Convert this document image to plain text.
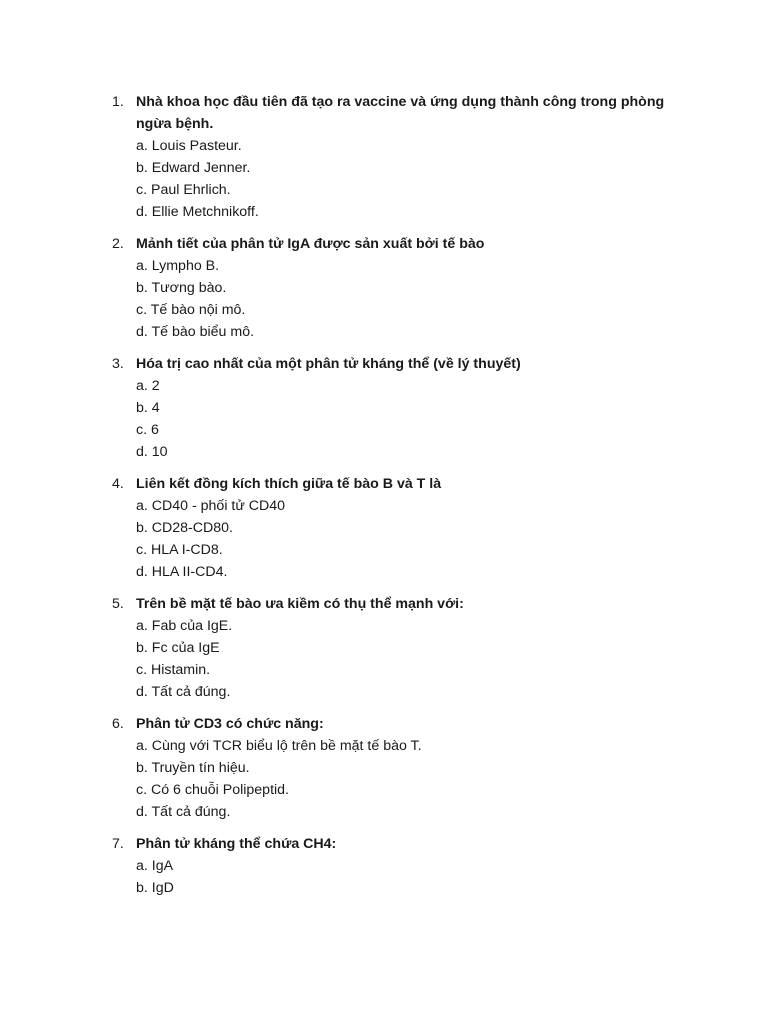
1. Nhà khoa học đầu tiên đã tạo ra vaccine và ứng dụng thành công trong phòng ngừa bệnh.
a. Louis Pasteur.
b. Edward Jenner.
c. Paul Ehrlich.
d. Ellie Metchnikoff.
2. Mảnh tiết của phân tử IgA được sản xuất bởi tế bào
a. Lympho B.
b. Tương bào.
c. Tế bào nội mô.
d. Tế bào biểu mô.
3. Hóa trị cao nhất của một phân tử kháng thể (về lý thuyết)
a. 2
b. 4
c. 6
d. 10
4. Liên kết đồng kích thích giữa tế bào B và T là
a. CD40 - phối tử CD40
b. CD28-CD80.
c. HLA I-CD8.
d. HLA II-CD4.
5. Trên bề mặt tế bào ưa kiềm có thụ thể mạnh với:
a. Fab của IgE.
b. Fc của IgE
c. Histamin.
d. Tất cả đúng.
6. Phân tử CD3 có chức năng:
a. Cùng với TCR biểu lộ trên bề mặt tế bào T.
b. Truyền tín hiệu.
c. Có 6 chuỗi Polipeptid.
d. Tất cả đúng.
7. Phân tử kháng thể chứa CH4:
a. IgA
b. IgD
